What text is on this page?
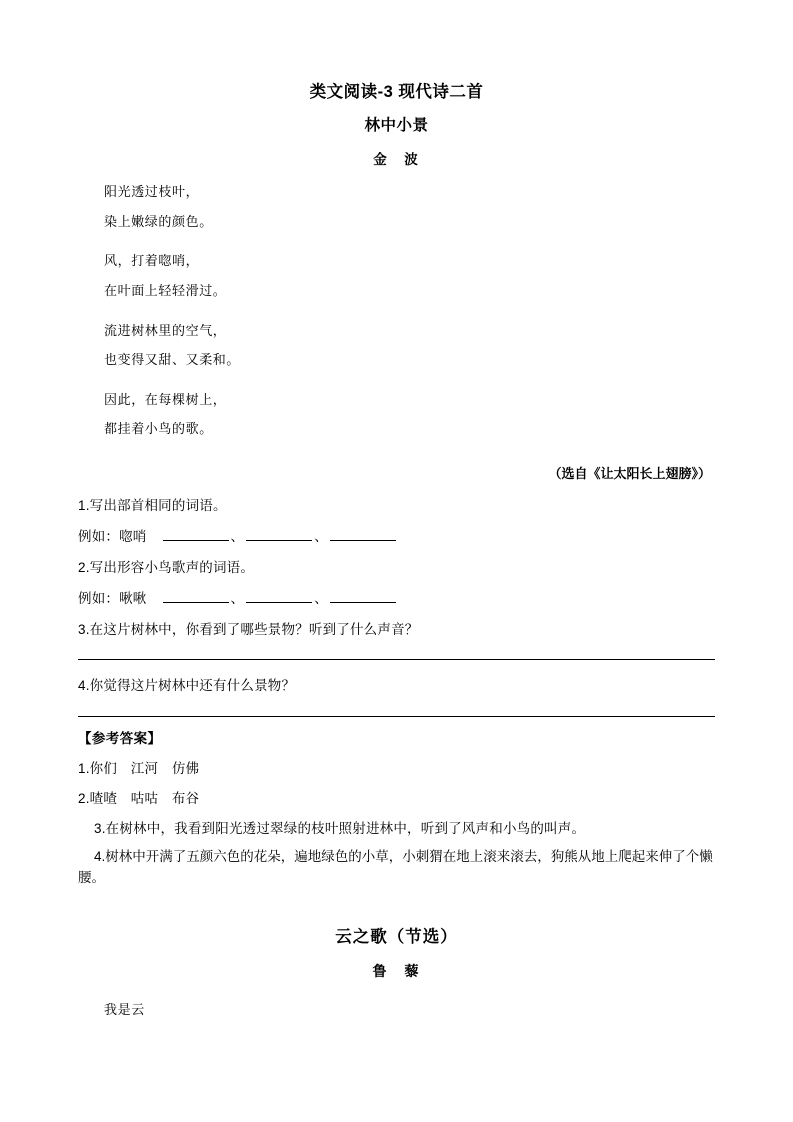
类文阅读-3 现代诗二首
林中小景
金　波
阳光透过枝叶，
染上嫩绿的颜色。
风，打着唿哨，
在叶面上轻轻滑过。
流进树林里的空气，
也变得又甜、又柔和。
因此，在每棵树上，
都挂着小鸟的歌。
（选自《让太阳长上翅膀》）
1.写出部首相同的词语。
例如：唿哨	、	、
2.写出形容小鸟歌声的词语。
例如：啾啾	、	、
3.在这片树林中，你看到了哪些景物？听到了什么声音？
4.你觉得这片树林中还有什么景物？
【参考答案】
1.你们　江河　仿佛
2.喳喳　咕咕　布谷
3.在树林中，我看到阳光透过翠绿的枝叶照射进林中，听到了风声和小鸟的叫声。
4.树林中开满了五颜六色的花朵，遍地绿色的小草，小刺猬在地上滚来滚去，狗熊从地上爬起来伸了个懒腰。
云之歌（节选）
鲁　藜
我是云
